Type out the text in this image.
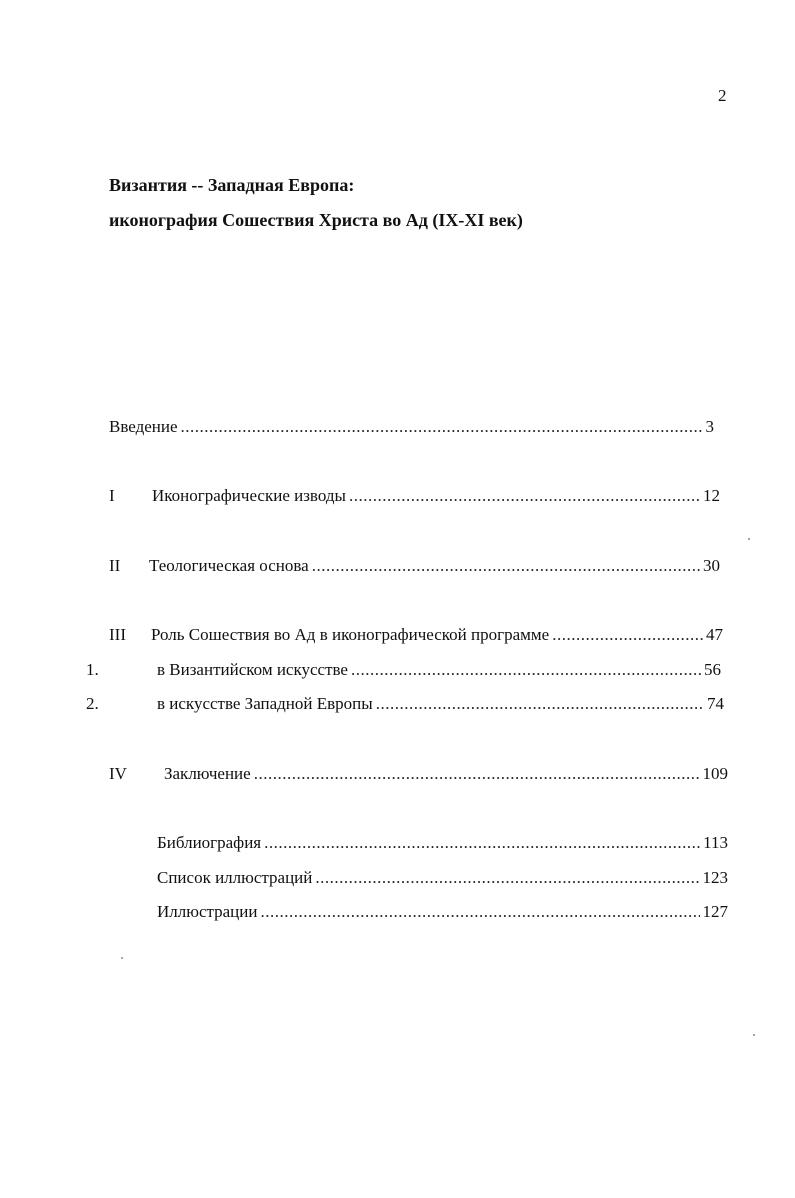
2
Византия -- Западная Европа:
иконография Сошествия Христа во Ад (IX-XI век)
Введение .....	3
I Иконографические изводы .....	12
II Теологическая основа .....	30
III Роль Сошествия во Ад в иконографической программе .....	47
1.	в Византийском искусстве .....	56
2.	в искусстве Западной Европы .....	74
IV Заключение .....	109
Библиография .....	113
Список иллюстраций .....	123
Иллюстрации .....	127
